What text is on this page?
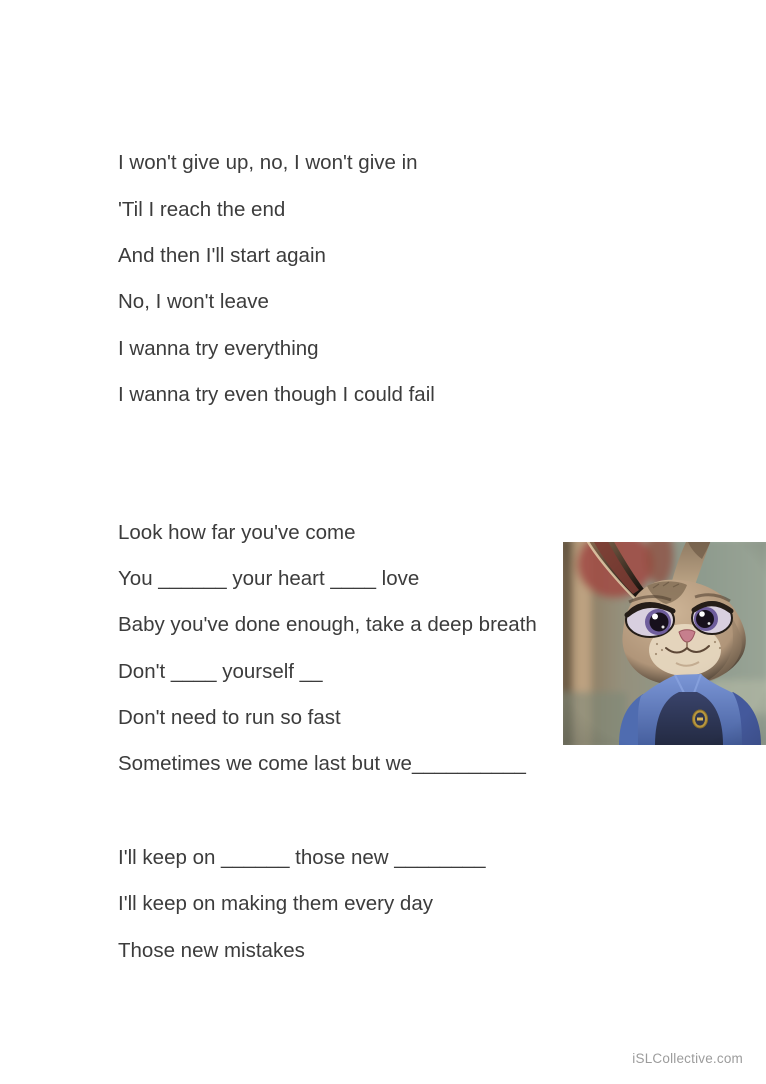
I won't give up, no, I won't give in

'Til I reach the end

And then I'll start again

No, I won't leave

I wanna try everything

I wanna try even though I could fail

Look how far you've come

You ______ your heart ____ love

Baby you've done enough, take a deep breath

Don't ____ yourself __

Don't need to run so fast

Sometimes we come last but we__________

I'll keep on ______ those new ________

I'll keep on making them every day

Those new mistakes

iSLCollective.com
